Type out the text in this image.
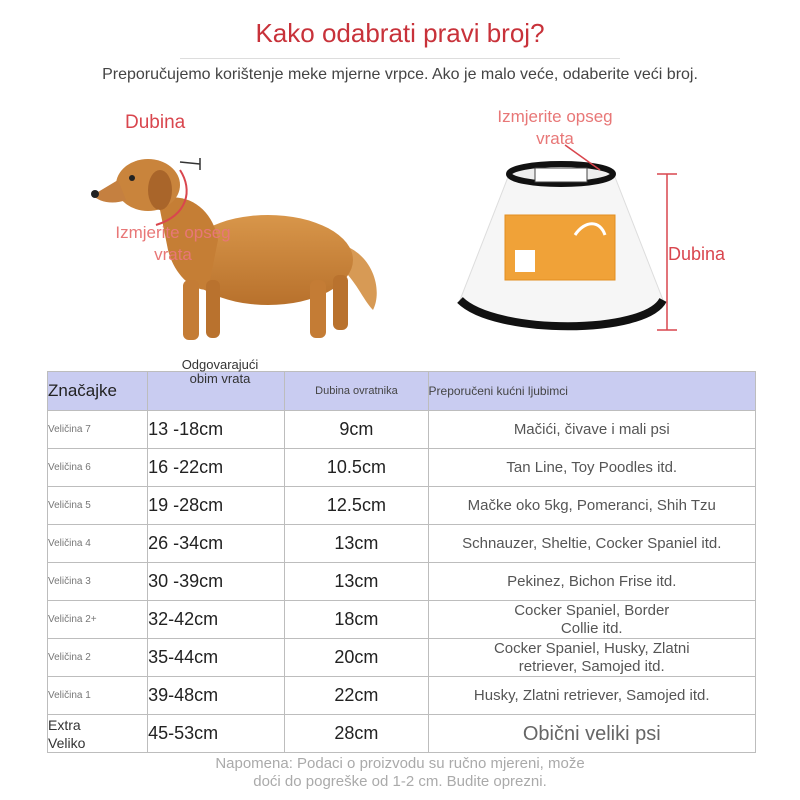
Kako odabrati pravi broj?
Preporučujemo korištenje meke mjerne vrpce. Ako je malo veće, odaberite veći broj.
Dubina
Izmjerite opseg
vrata
Izmjerite opseg
vrata
Dubina
Značajke		Dubina ovratnika	Preporučeni kućni ljubimci
Veličina 7	13 -18cm	9cm	Mačići, čivave i mali psi
Veličina 6	16 -22cm	10.5cm	Tan Line, Toy Poodles itd.
Veličina 5	19 -28cm	12.5cm	Mačke oko 5kg, Pomeranci, Shih Tzu
Veličina 4	26 -34cm	13cm	Schnauzer, Sheltie, Cocker Spaniel itd.
Veličina 3	30 -39cm	13cm	Pekinez, Bichon Frise itd.
Veličina 2+	32-42cm	18cm	Cocker Spaniel, Border
Collie itd.

Veličina 2	35-44cm	20cm	Cocker Spaniel, Husky, Zlatni
retriever, Samojed itd.

Veličina 1	39-48cm	22cm	Husky, Zlatni retriever, Samojed itd.

Extra
Veliko	45-53cm	28cm	Obični veliki psi
Odgovarajući
obim vrata
Napomena: Podaci o proizvodu su ručno mjereni, može
doći do pogreške od 1-2 cm. Budite oprezni.
